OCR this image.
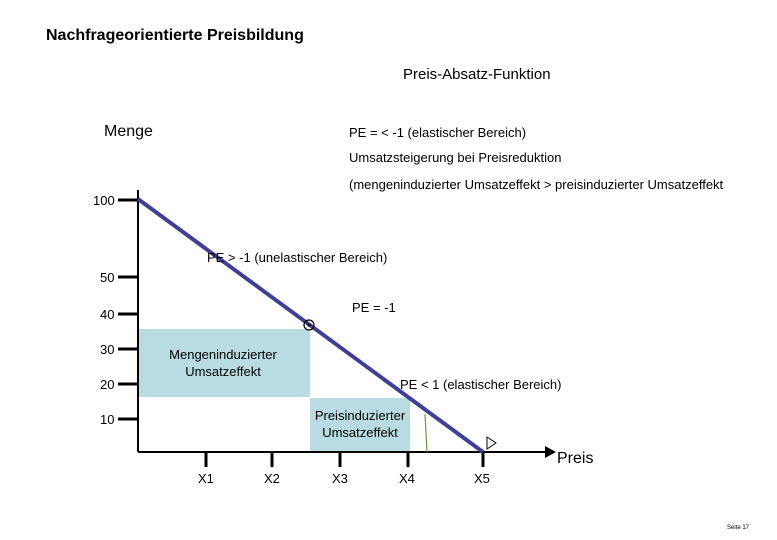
Nachfrageorientierte Preisbildung
Preis-Absatz-Funktion
Menge
100
50
40
30
20
10
X1	X2	X3	X4	X5
PE = < -1 (elastischer Bereich)
Umsatzsteigerung bei Preisreduktion
(mengeninduzierter Umsatzeffekt > preisinduzierter Umsatzeffekt
PE > -1 (unelastischer Bereich)
PE = -1
PE < 1 (elastischer Bereich)
Mengeninduzierter Umsatzeffekt
Preisinduzierter Umsatzeffekt
Preis
Seite 17
